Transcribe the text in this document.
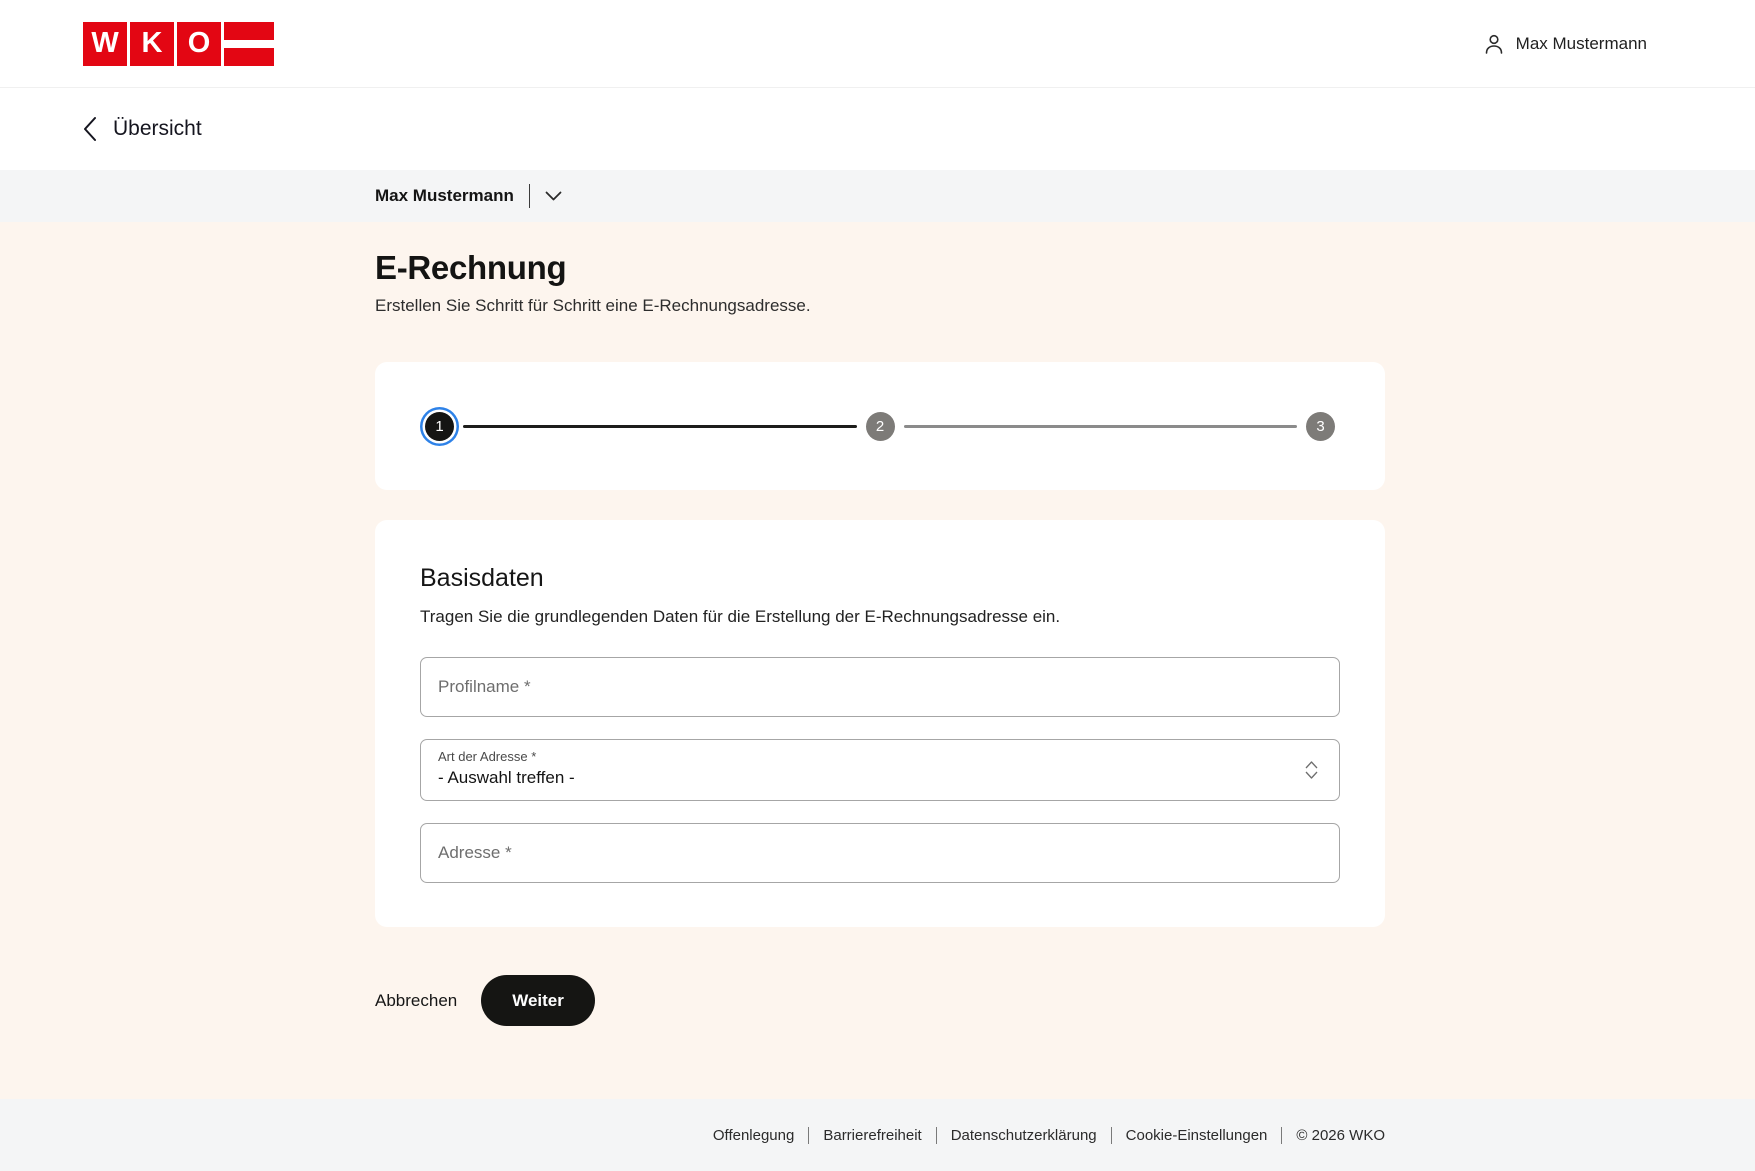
W K O	Max Mustermann
Übersicht
Max Mustermann
E-Rechnung

Erstellen Sie Schritt für Schritt eine E-Rechnungsadresse.

1	2	3
Basisdaten

Tragen Sie die grundlegenden Daten für die Erstellung der E-Rechnungsadresse ein.

Profilname *
Art der Adresse *
- Auswahl treffen -
Adresse *
Abbrechen	Weiter
Offenlegung Barrierefreiheit Datenschutzerklärung Cookie-Einstellungen © 2026 WKO
